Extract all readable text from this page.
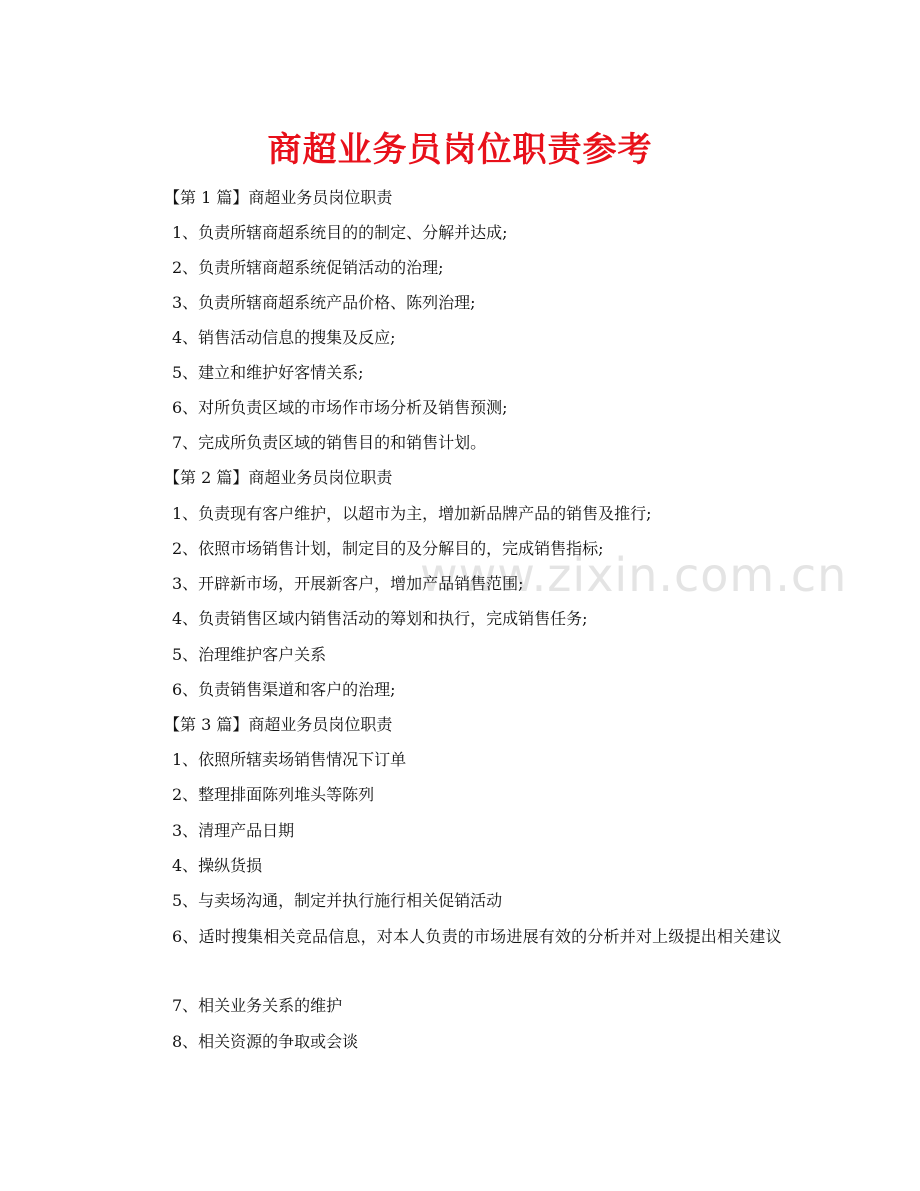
www.zixin.com.cn
商超业务员岗位职责参考
【第 1 篇】商超业务员岗位职责
1、负责所辖商超系统目的的制定、分解并达成;
2、负责所辖商超系统促销活动的治理;
3、负责所辖商超系统产品价格、陈列治理;
4、销售活动信息的搜集及反应;
5、建立和维护好客情关系;
6、对所负责区域的市场作市场分析及销售预测;
7、完成所负责区域的销售目的和销售计划。
【第 2 篇】商超业务员岗位职责
1、负责现有客户维护，以超市为主，增加新品牌产品的销售及推行;
2、依照市场销售计划，制定目的及分解目的，完成销售指标;
3、开辟新市场，开展新客户，增加产品销售范围;
4、负责销售区域内销售活动的筹划和执行，完成销售任务;
5、治理维护客户关系
6、负责销售渠道和客户的治理;
【第 3 篇】商超业务员岗位职责
1、依照所辖卖场销售情况下订单
2、整理排面陈列堆头等陈列
3、清理产品日期
4、操纵货损
5、与卖场沟通，制定并执行施行相关促销活动
6、适时搜集相关竞品信息，对本人负责的市场进展有效的分析并对上级提出相关建议
7、相关业务关系的维护
8、相关资源的争取或会谈
